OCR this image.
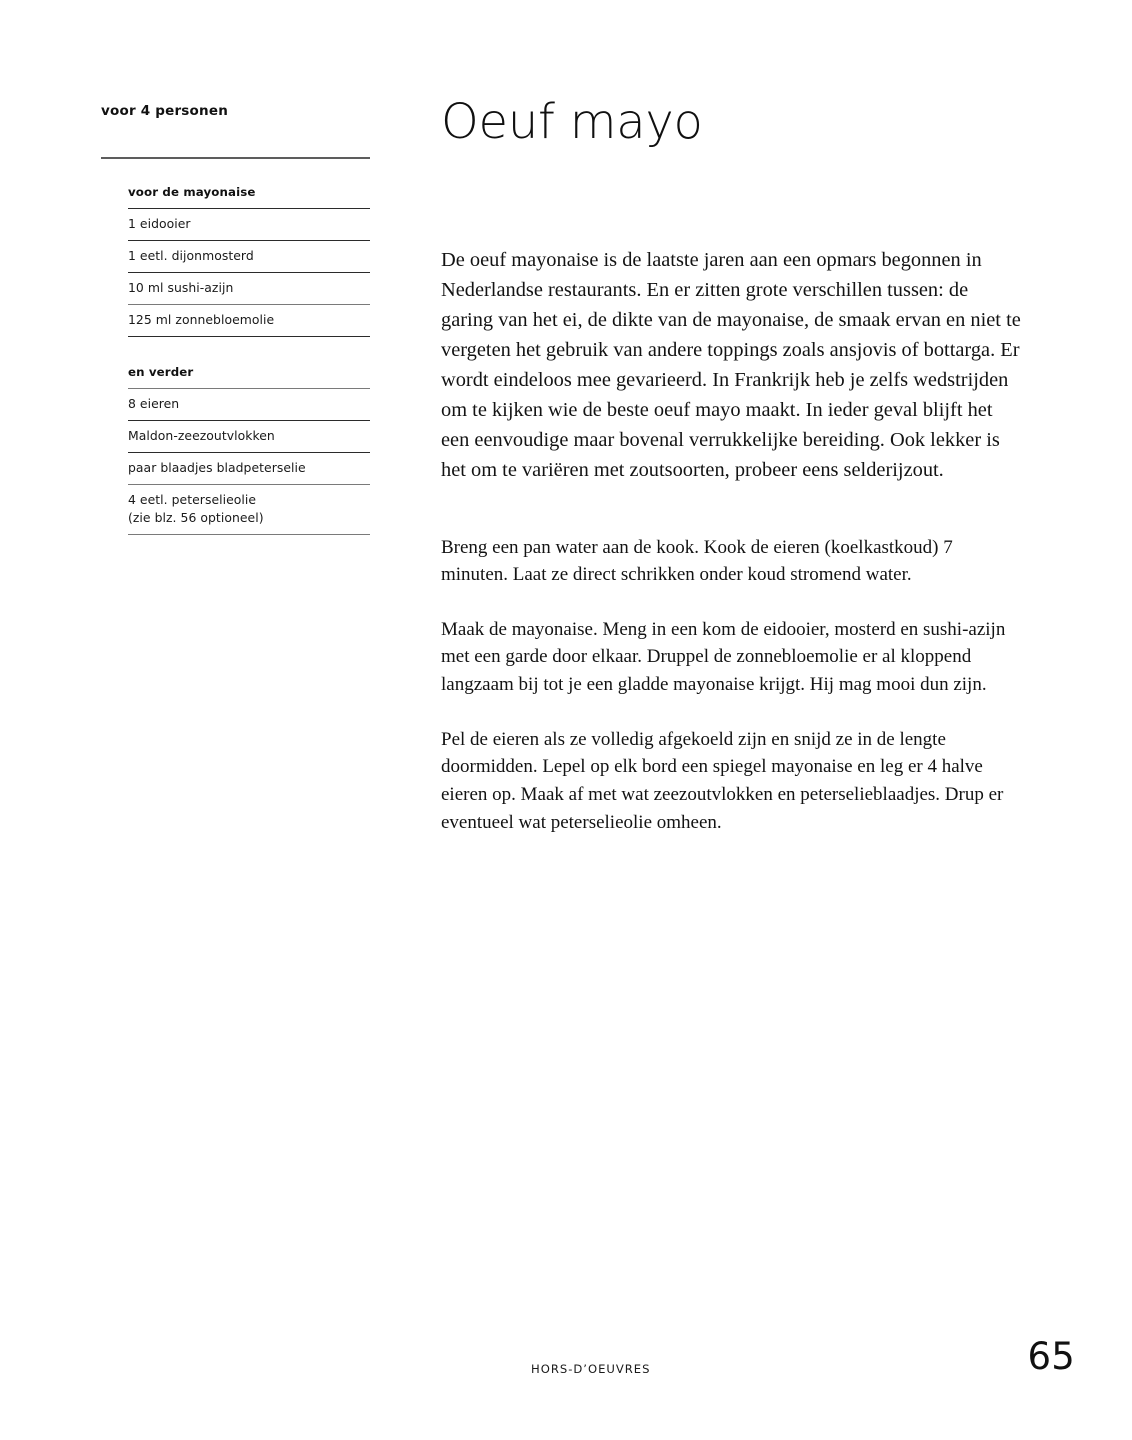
voor 4 personen
voor de mayonaise
1 eidooier
1 eetl. dijonmosterd
10 ml sushi-azijn
125 ml zonnebloemolie
en verder
8 eieren
Maldon-zeezoutvlokken
paar blaadjes bladpeterselie
4 eetl. peterselieolie
(zie blz. 56 optioneel)
Oeuf mayo

De oeuf mayonaise is de laatste jaren aan een opmars begonnen in Nederlandse restaurants. En er zitten grote verschillen tussen: de garing van het ei, de dikte van de mayonaise, de smaak ervan en niet te vergeten het gebruik van andere toppings zoals ansjovis of bottarga. Er wordt eindeloos mee gevarieerd. In Frankrijk heb je zelfs wedstrijden om te kijken wie de beste oeuf mayo maakt. In ieder geval blijft het een eenvoudige maar bovenal verrukkelijke bereiding. Ook lekker is het om te variëren met zoutsoorten, probeer eens selderijzout.

Breng een pan water aan de kook. Kook de eieren (koelkastkoud) 7 minuten. Laat ze direct schrikken onder koud stromend water.

Maak de mayonaise. Meng in een kom de eidooier, mosterd en sushi-azijn met een garde door elkaar. Druppel de zonnebloemolie er al kloppend langzaam bij tot je een gladde mayonaise krijgt. Hij mag mooi dun zijn.

Pel de eieren als ze volledig afgekoeld zijn en snijd ze in de lengte doormidden. Lepel op elk bord een spiegel mayonaise en leg er 4 halve eieren op. Maak af met wat zeezoutvlokken en peterselieblaadjes. Drup er eventueel wat peterselieolie omheen.

HORS-D’OEUVRES	65
